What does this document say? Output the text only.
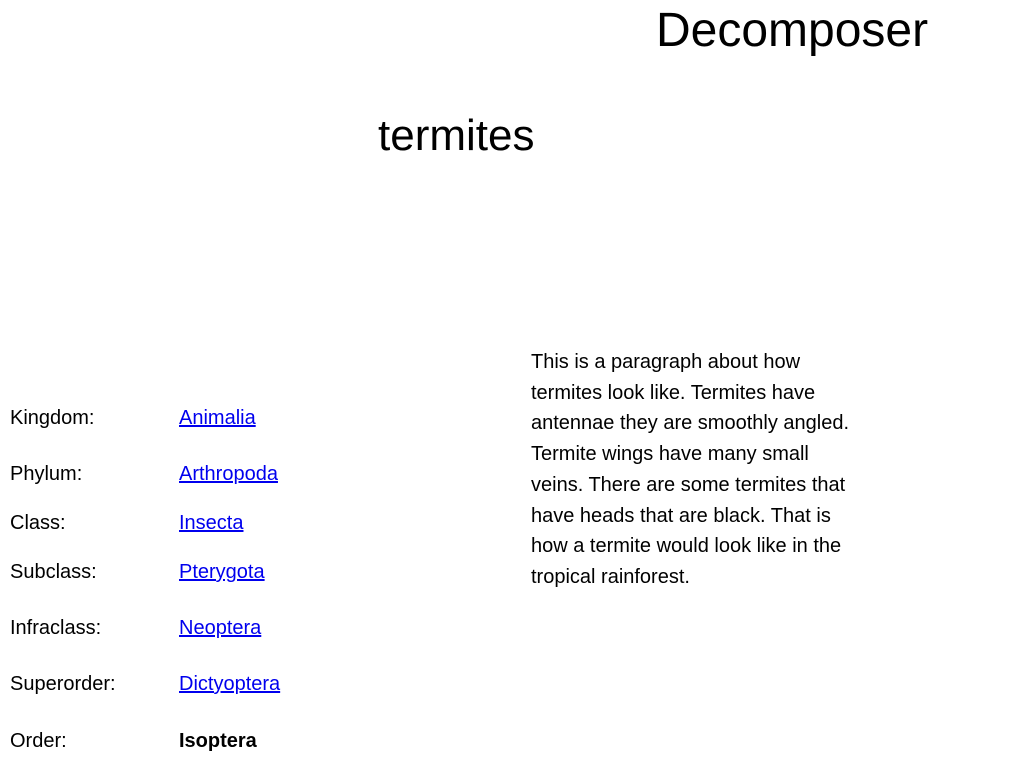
Decomposer
termites
Kingdom:	Animalia
Phylum:	Arthropoda
Class:	Insecta
Subclass:	Pterygota
Infraclass:	Neoptera
Superorder:	Dictyoptera
Order:	Isoptera
This is a paragraph about how termites look like. Termites have antennae they are smoothly angled. Termite wings have many small veins. There are some termites that have heads that are black. That is how a termite would look like in the tropical rainforest.
